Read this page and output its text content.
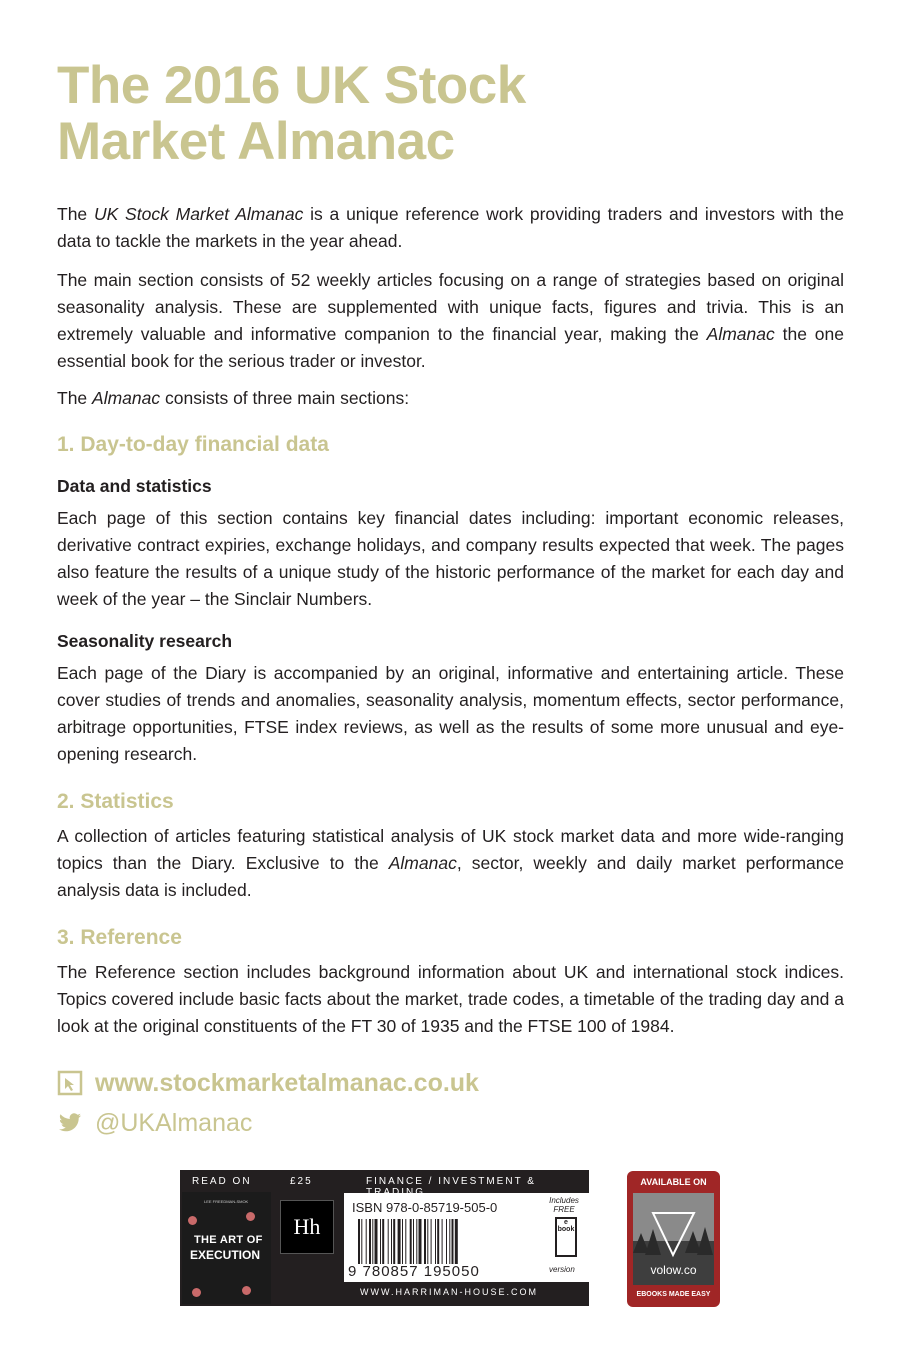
The 2016 UK Stock
Market Almanac

The UK Stock Market Almanac is a unique reference work providing traders and investors with the data to tackle the markets in the year ahead.

The main section consists of 52 weekly articles focusing on a range of strategies based on original seasonality analysis. These are supplemented with unique facts, figures and trivia. This is an extremely valuable and informative companion to the financial year, making the Almanac the one essential book for the serious trader or investor.

The Almanac consists of three main sections:

1. Day-to-day financial data
Data and statistics

Each page of this section contains key financial dates including: important economic releases, derivative contract expiries, exchange holidays, and company results expected that week. The pages also feature the results of a unique study of the historic performance of the market for each day and week of the year – the Sinclair Numbers.

Seasonality research

Each page of the Diary is accompanied by an original, informative and entertaining article. These cover studies of trends and anomalies, seasonality analysis, momentum effects, sector performance, arbitrage opportunities, FTSE index reviews, as well as the results of some more unusual and eye-opening research.

2. Statistics

A collection of articles featuring statistical analysis of UK stock market data and more wide-ranging topics than the Diary. Exclusive to the Almanac, sector, weekly and daily market performance analysis data is included.

3. Reference

The Reference section includes background information about UK and international stock indices. Topics covered include basic facts about the market, trade codes, a timetable of the trading day and a look at the original constituents of the FT 30 of 1935 and the FTSE 100 of 1984.

www.stockmarketalmanac.co.uk
@UKAlmanac
READ ON	£25	FINANCE / INVESTMENT &
LEE FREEDMAN-SMOK
THE ART OF
EXECUTION
Hh
ISBN 978-0-85719-505-0	Includes
FREE
e book
version
9 780857 195050
WWW.HARRIMAN-HOUSE.COM
AVAILABLE ON
volow.co
EBOOKS MADE EASY
